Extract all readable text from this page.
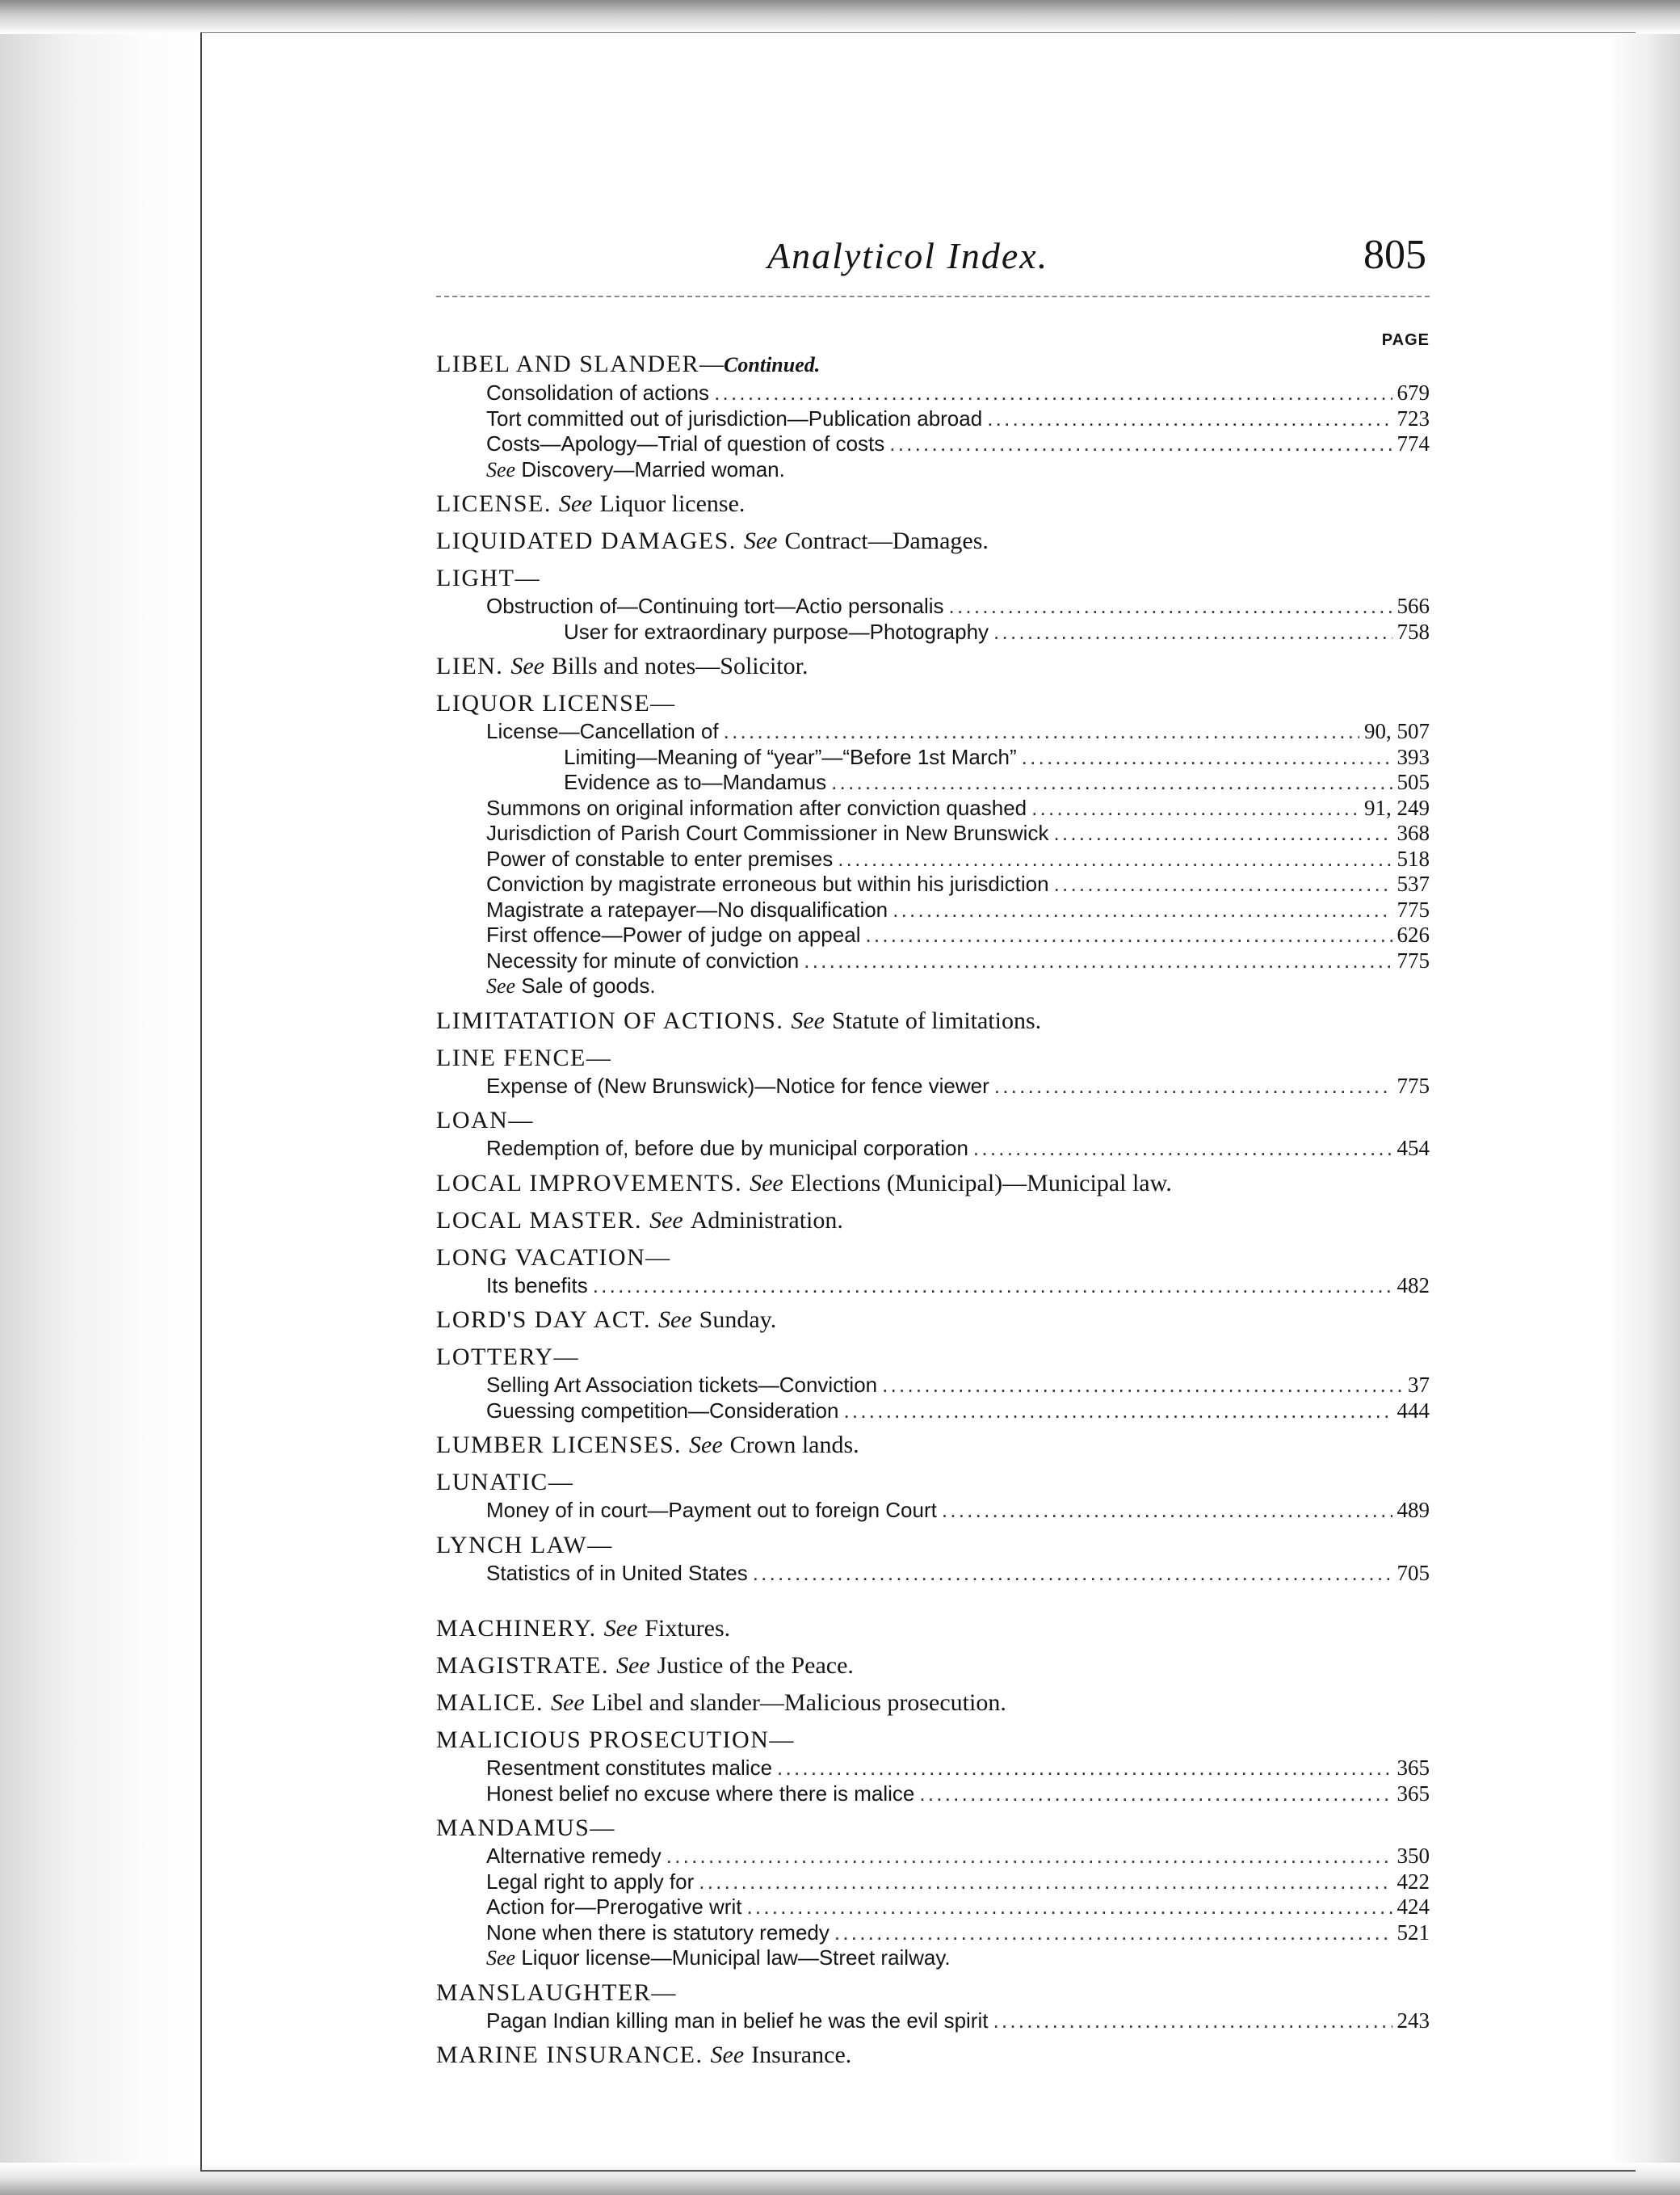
Analyticol Index.	805
PAGE
LIBEL AND SLANDER—Continued.
Consolidation of actions . . .	679
Tort committed out of jurisdiction—Publication abroad . . .	723
Costs—Apology—Trial of question of costs . . .	774
See Discovery—Married woman.
LICENSE. See Liquor license.
LIQUIDATED DAMAGES. See Contract—Damages.
LIGHT—
Obstruction of—Continuing tort—Actio personalis . . .	566
User for extraordinary purpose—Photography . . .	758
LIEN. See Bills and notes—Solicitor.
LIQUOR LICENSE—
License—Cancellation of . . .	90, 507
Limiting—Meaning of “year”—“Before 1st March” . . .	393
Evidence as to—Mandamus . . .	505
Summons on original information after conviction quashed . . .	91, 249
Jurisdiction of Parish Court Commissioner in New Brunswick . . .	368
Power of constable to enter premises . . .	518
Conviction by magistrate erroneous but within his jurisdiction . . .	537
Magistrate a ratepayer—No disqualification . . .	775
First offence—Power of judge on appeal . . .	626
Necessity for minute of conviction . . .	775
See Sale of goods.
LIMITATATION OF ACTIONS. See Statute of limitations.
LINE FENCE—
Expense of (New Brunswick)—Notice for fence viewer . . .	775
LOAN—
Redemption of, before due by municipal corporation . . .	454
LOCAL IMPROVEMENTS. See Elections (Municipal)—Municipal law.
LOCAL MASTER. See Administration.
LONG VACATION—
Its benefits . . .	482
LORD'S DAY ACT. See Sunday.
LOTTERY—
Selling Art Association tickets—Conviction . . .	37
Guessing competition—Consideration . . .	444
LUMBER LICENSES. See Crown lands.
LUNATIC—
Money of in court—Payment out to foreign Court . . .	489
LYNCH LAW—
Statistics of in United States . . .	705
MACHINERY. See Fixtures.
MAGISTRATE. See Justice of the Peace.
MALICE. See Libel and slander—Malicious prosecution.
MALICIOUS PROSECUTION—
Resentment constitutes malice . . .	365
Honest belief no excuse where there is malice . . .	365
MANDAMUS—
Alternative remedy . . .	350
Legal right to apply for . . .	422
Action for—Prerogative writ . . .	424
None when there is statutory remedy . . .	521
See Liquor license—Municipal law—Street railway.
MANSLAUGHTER—
Pagan Indian killing man in belief he was the evil spirit . . .	243
MARINE INSURANCE. See Insurance.
